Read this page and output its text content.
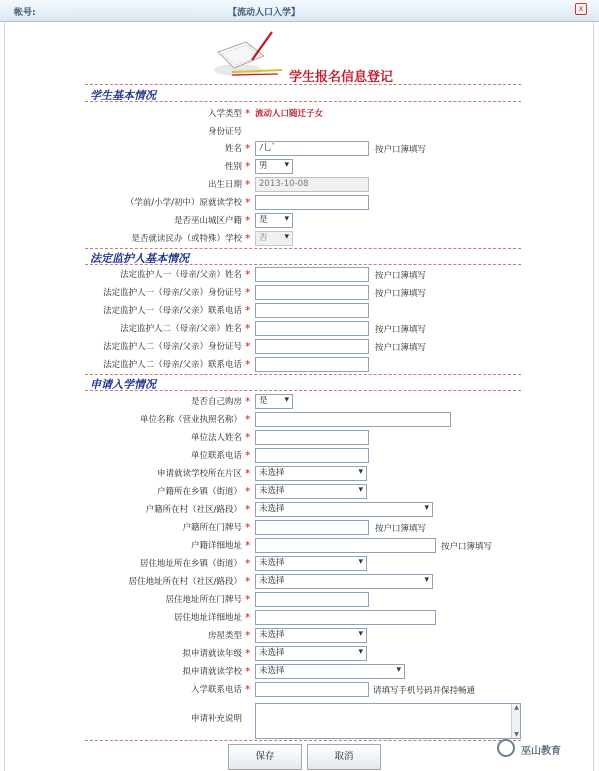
帐号:	【流动人口入学】	x
学生报名信息登记
学生基本情况
入学类型 * 流动人口随迁子女
身份证号
姓名 *	ﾉ乚ﾞ	按户口簿填写
性别 *	男 ▾
出生日期 *	2013-10-08
（学前/小学/初中）原就读学校 *
是否巫山城区户籍 *	是 ▾
是否就读民办（或特殊）学校 *	否 ▾
法定监护人基本情况
法定监护人一（母亲/父亲）姓名 *	按户口簿填写
法定监护人一（母亲/父亲）身份证号 *	按户口簿填写
法定监护人一（母亲/父亲）联系电话 *
法定监护人二（母亲/父亲）姓名 *	按户口簿填写
法定监护人二（母亲/父亲）身份证号 *	按户口簿填写
法定监护人二（母亲/父亲）联系电话 *
申请入学情况
是否自己购房 *	是 ▾
单位名称（营业执照名称） *
单位法人姓名 *
单位联系电话 *
申请就读学校所在片区 *	未选择 ▾
户籍所在乡镇（街道） *	未选择 ▾
户籍所在村（社区/路段） *	未选择 ▾
户籍所在门牌号 *	按户口簿填写
户籍详细地址 *	按户口簿填写
居住地址所在乡镇（街道） *	未选择 ▾
居住地址所在村（社区/路段） *	未选择 ▾
居住地址所在门牌号 *
居住地址详细地址 *
房屋类型 *	未选择 ▾
拟申请就读年级 *	未选择 ▾
拟申请就读学校 *	未选择 ▾
入学联系电话 *	请填写手机号码并保持畅通
申请补充说明
▲
▼
保存	取消	巫山教育
